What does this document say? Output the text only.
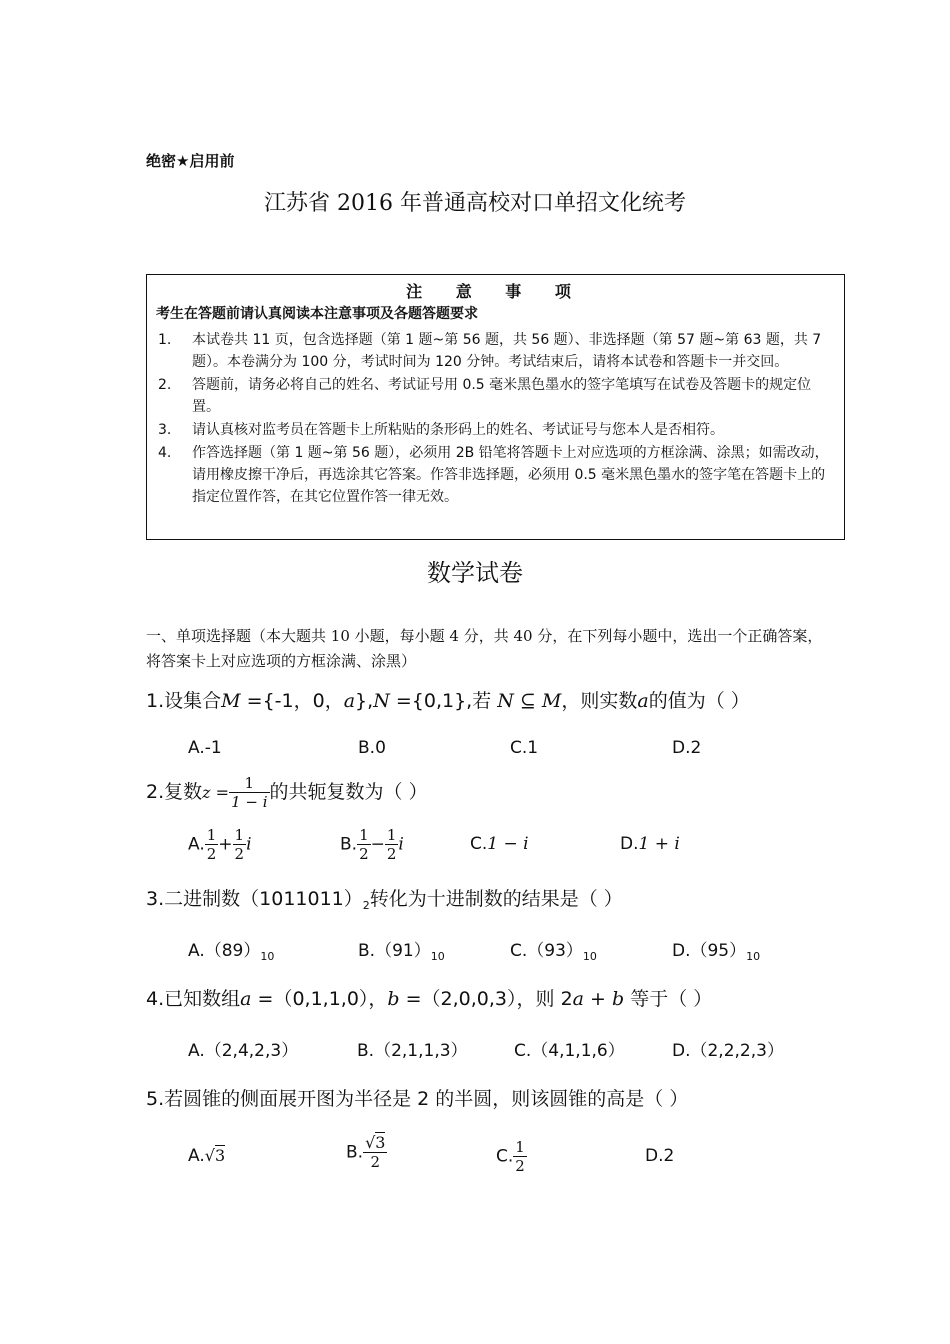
绝密★启用前
江苏省 2016 年普通高校对口单招文化统考
注 意 事 项
考生在答题前请认真阅读本注意事项及各题答题要求
1. 本试卷共 11 页，包含选择题（第 1 题~第 56 题，共 56 题）、非选择题（第 57 题~第 63 题，共 7 题）。本卷满分为 100 分，考试时间为 120 分钟。考试结束后，请将本试卷和答题卡一并交回。
2. 答题前，请务必将自己的姓名、考试证号用 0.5 毫米黑色墨水的签字笔填写在试卷及答题卡的规定位置。
3. 请认真核对监考员在答题卡上所粘贴的条形码上的姓名、考试证号与您本人是否相符。
4. 作答选择题（第 1 题~第 56 题），必须用 2B 铅笔将答题卡上对应选项的方框涂满、涂黑；如需改动，请用橡皮擦干净后，再选涂其它答案。作答非选择题，必须用 0.5 毫米黑色墨水的签字笔在答题卡上的指定位置作答，在其它位置作答一律无效。
数学试卷
一、单项选择题（本大题共 10 小题，每小题 4 分，共 40 分，在下列每小题中，选出一个正确答案，将答案卡上对应选项的方框涂满、涂黑）
1.设集合M ={-1，0，a},N ={0,1},若 N ⊆ M，则实数a的值为（ ）
A.-1	B.0	C.1	D.2
2.复数$z = \frac{1}{1 - i}$ 的共轭复数为（ ）
A. $\frac{1}{2} + \frac{1}{2}$ i	B. $\frac{1}{2} - \frac{1}{2}$ i	C.1 − i	D.1 + i
3.二进制数$(1011011)_2$转化为十进制数的结果是（ ）
$A.(89)_{10}$	$B.(91)_{10}$	$C.(93)_{10}$	$D.(95)_{10}$
4.已知数组a =（0,1,1,0），b =（2,0,0,3），则 2a + b 等于（ ）
A.（2,4,2,3）	B.（2,1,1,3）	C.（4,1,1,6）	D.（2,2,2,3）
5.若圆锥的侧面展开图为半径是 2 的半圆，则该圆锥的高是（ ）
A.√3	B. $\frac{√3}{2}$	C. $\frac{1}{2}$	D.2
